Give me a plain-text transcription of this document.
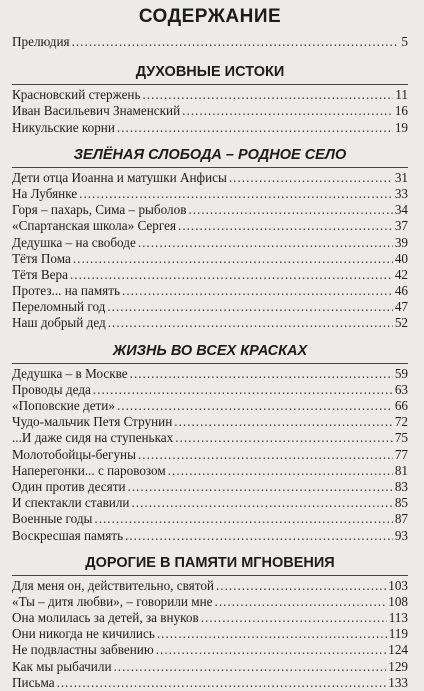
СОДЕРЖАНИЕ
Прелюдия .....	5
ДУХОВНЫЕ ИСТОКИ
Красновский стержень .....	11
Иван Васильевич Знаменский .....	16
Никульские корни .....	19
ЗЕЛЁНАЯ СЛОБОДА – РОДНОЕ СЕЛО
Дети отца Иоанна и матушки Анфисы .....	31
На Лубянке .....	33
Горя – пахарь, Сима – рыболов .....	34
«Спартанская школа» Сергея .....	37
Дедушка – на свободе .....	39
Тётя Пома .....	40
Тётя Вера .....	42
Протез... на память .....	46
Переломный год .....	47
Наш добрый дед .....	52
ЖИЗНЬ ВО ВСЕХ КРАСКАХ
Дедушка – в Москве .....	59
Проводы деда .....	63
«Поповские дети» .....	66
Чудо-мальчик Петя Струнин .....	72
...И даже сидя на ступеньках .....	75
Молотобойцы-бегуны .....	77
Наперегонки... с паровозом .....	81
Один против десяти .....	83
И спектакли ставили .....	85
Военные годы .....	87
Воскресшая память .....	93
ДОРОГИЕ В ПАМЯТИ МГНОВЕНИЯ
Для меня он, действительно, святой .....	103
«Ты – дитя любви», – говорили мне .....	108
Она молилась за детей, за внуков .....	113
Они никогда не кичились .....	119
Не подвластны забвению .....	124
Как мы рыбачили .....	129
Письма .....	133
